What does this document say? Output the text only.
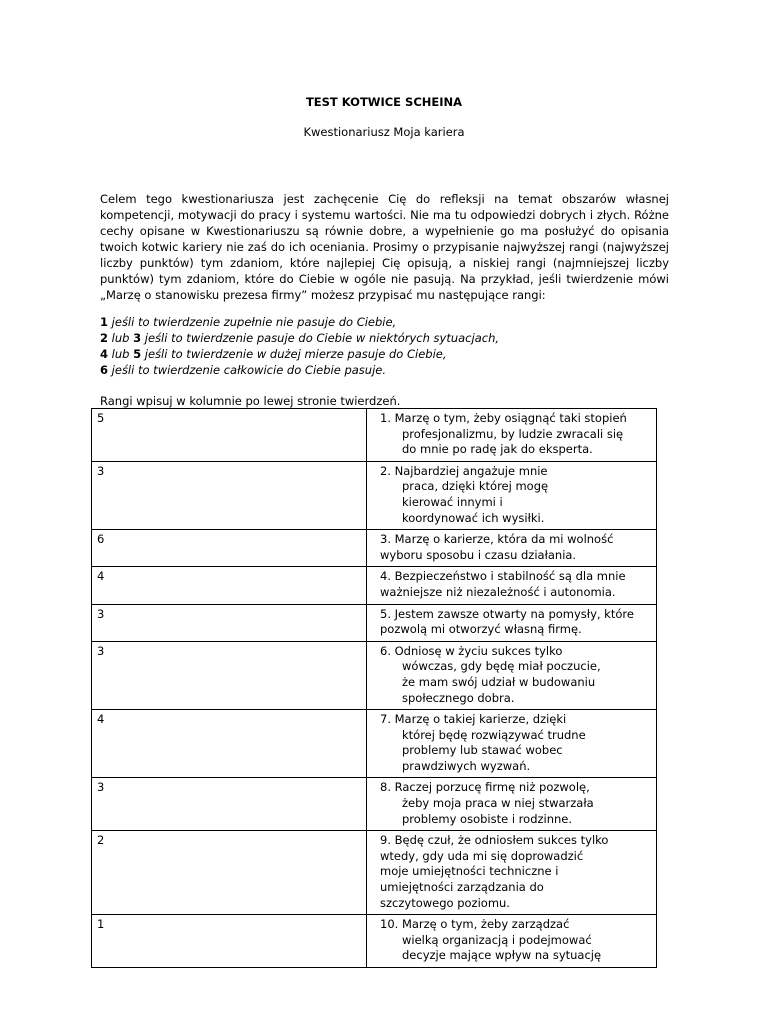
TEST KOTWICE SCHEINA
Kwestionariusz Moja kariera

Celem tego kwestionariusza jest zachęcenie Cię do refleksji na temat obszarów własnej kompetencji, motywacji do pracy i systemu wartości. Nie ma tu odpowiedzi dobrych i złych. Różne cechy opisane w Kwestionariuszu są równie dobre, a wypełnienie go ma posłużyć do opisania twoich kotwic kariery nie zaś do ich oceniania. Prosimy o przypisanie najwyższej rangi (najwyższej liczby punktów) tym zdaniom, które najlepiej Cię opisują, a niskiej rangi (najmniejszej liczby punktów) tym zdaniom, które do Ciebie w ogóle nie pasują. Na przykład, jeśli twierdzenie mówi „Marzę o stanowisku prezesa firmy” możesz przypisać mu następujące rangi:

1 jeśli to twierdzenie zupełnie nie pasuje do Ciebie,
2 lub 3 jeśli to twierdzenie pasuje do Ciebie w niektórych sytuacjach,
4 lub 5 jeśli to twierdzenie w dużej mierze pasuje do Ciebie,
6 jeśli to twierdzenie całkowicie do Ciebie pasuje.
Rangi wpisuj w kolumnie po lewej stronie twierdzeń.
5	1. Marzę o tym, żeby osiągnąć taki stopień
profesjonalizmu, by ludzie zwracali się
do mnie po radę jak do eksperta.

3	2. Najbardziej angażuje mnie
praca, dzięki której mogę
kierować innymi i
koordynować ich wysiłki.

6	3. Marzę o karierze, która da mi wolność
wyboru sposobu i czasu działania.

4	4. Bezpieczeństwo i stabilność są dla mnie
ważniejsze niż niezależność i autonomia.

3	5. Jestem zawsze otwarty na pomysły, które
pozwolą mi otworzyć własną firmę.

3	6. Odniosę w życiu sukces tylko
wówczas, gdy będę miał poczucie,
że mam swój udział w budowaniu
społecznego dobra.

4	7. Marzę o takiej karierze, dzięki
której będę rozwiązywać trudne
problemy lub stawać wobec
prawdziwych wyzwań.

3	8. Raczej porzucę firmę niż pozwolę,
żeby moja praca w niej stwarzała
problemy osobiste i rodzinne.

2	9. Będę czuł, że odniosłem sukces tylko
wtedy, gdy uda mi się doprowadzić
moje umiejętności techniczne i
umiejętności zarządzania do
szczytowego poziomu.

1	10. Marzę o tym, żeby zarządzać
wielką organizacją i podejmować
decyzje mające wpływ na sytuację
